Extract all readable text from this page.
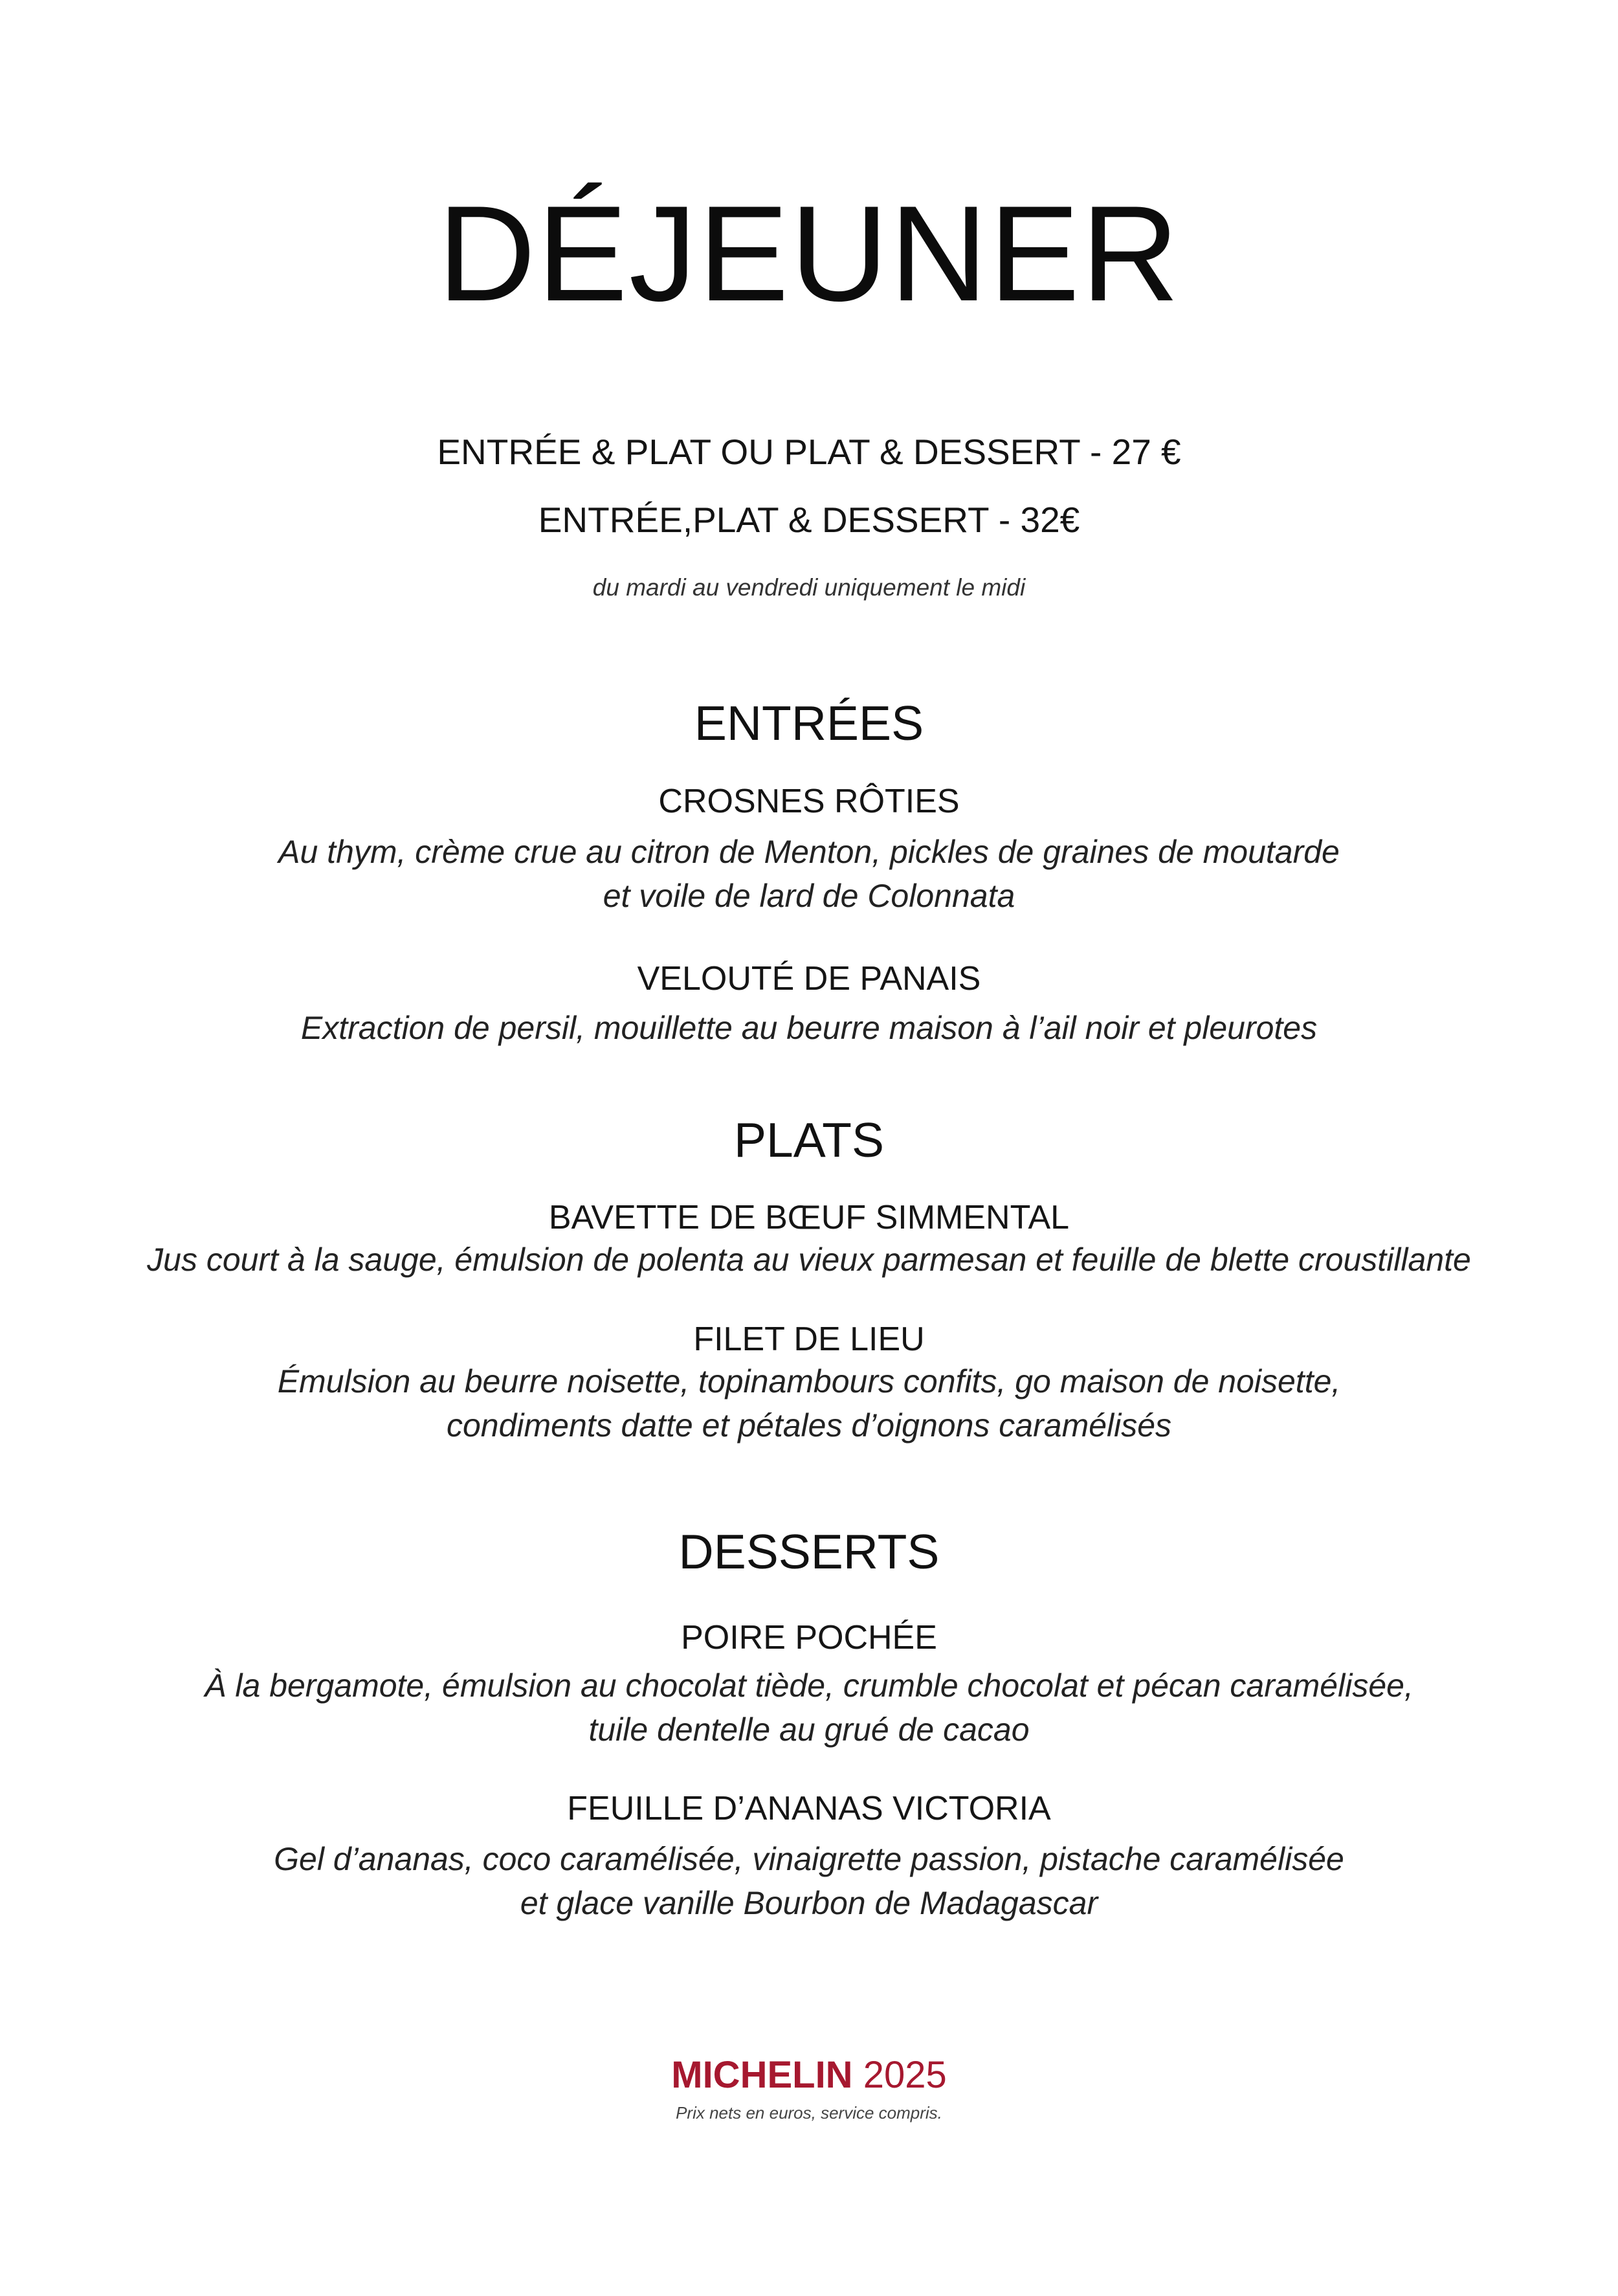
DÉJEUNER
ENTRÉE & PLAT OU PLAT & DESSERT - 27 €
ENTRÉE,PLAT & DESSERT - 32€
du mardi au vendredi uniquement le midi
ENTRÉES
CROSNES RÔTIES
Au thym, crème crue au citron de Menton, pickles de graines de moutarde
et voile de lard de Colonnata
VELOUTÉ DE PANAIS
Extraction de persil, mouillette au beurre maison à l’ail noir et pleurotes
PLATS
BAVETTE DE BŒUF SIMMENTAL
Jus court à la sauge, émulsion de polenta au vieux parmesan et feuille de blette croustillante
FILET DE LIEU
Émulsion au beurre noisette, topinambours confits, go maison de noisette,
condiments datte et pétales d’oignons caramélisés
DESSERTS
POIRE POCHÉE
À la bergamote, émulsion au chocolat tiède, crumble chocolat et pécan caramélisée,
tuile dentelle au grué de cacao
FEUILLE D’ANANAS VICTORIA
Gel d’ananas, coco caramélisée, vinaigrette passion, pistache caramélisée
et glace vanille Bourbon de Madagascar
MICHELIN 2025
Prix nets en euros, service compris.
